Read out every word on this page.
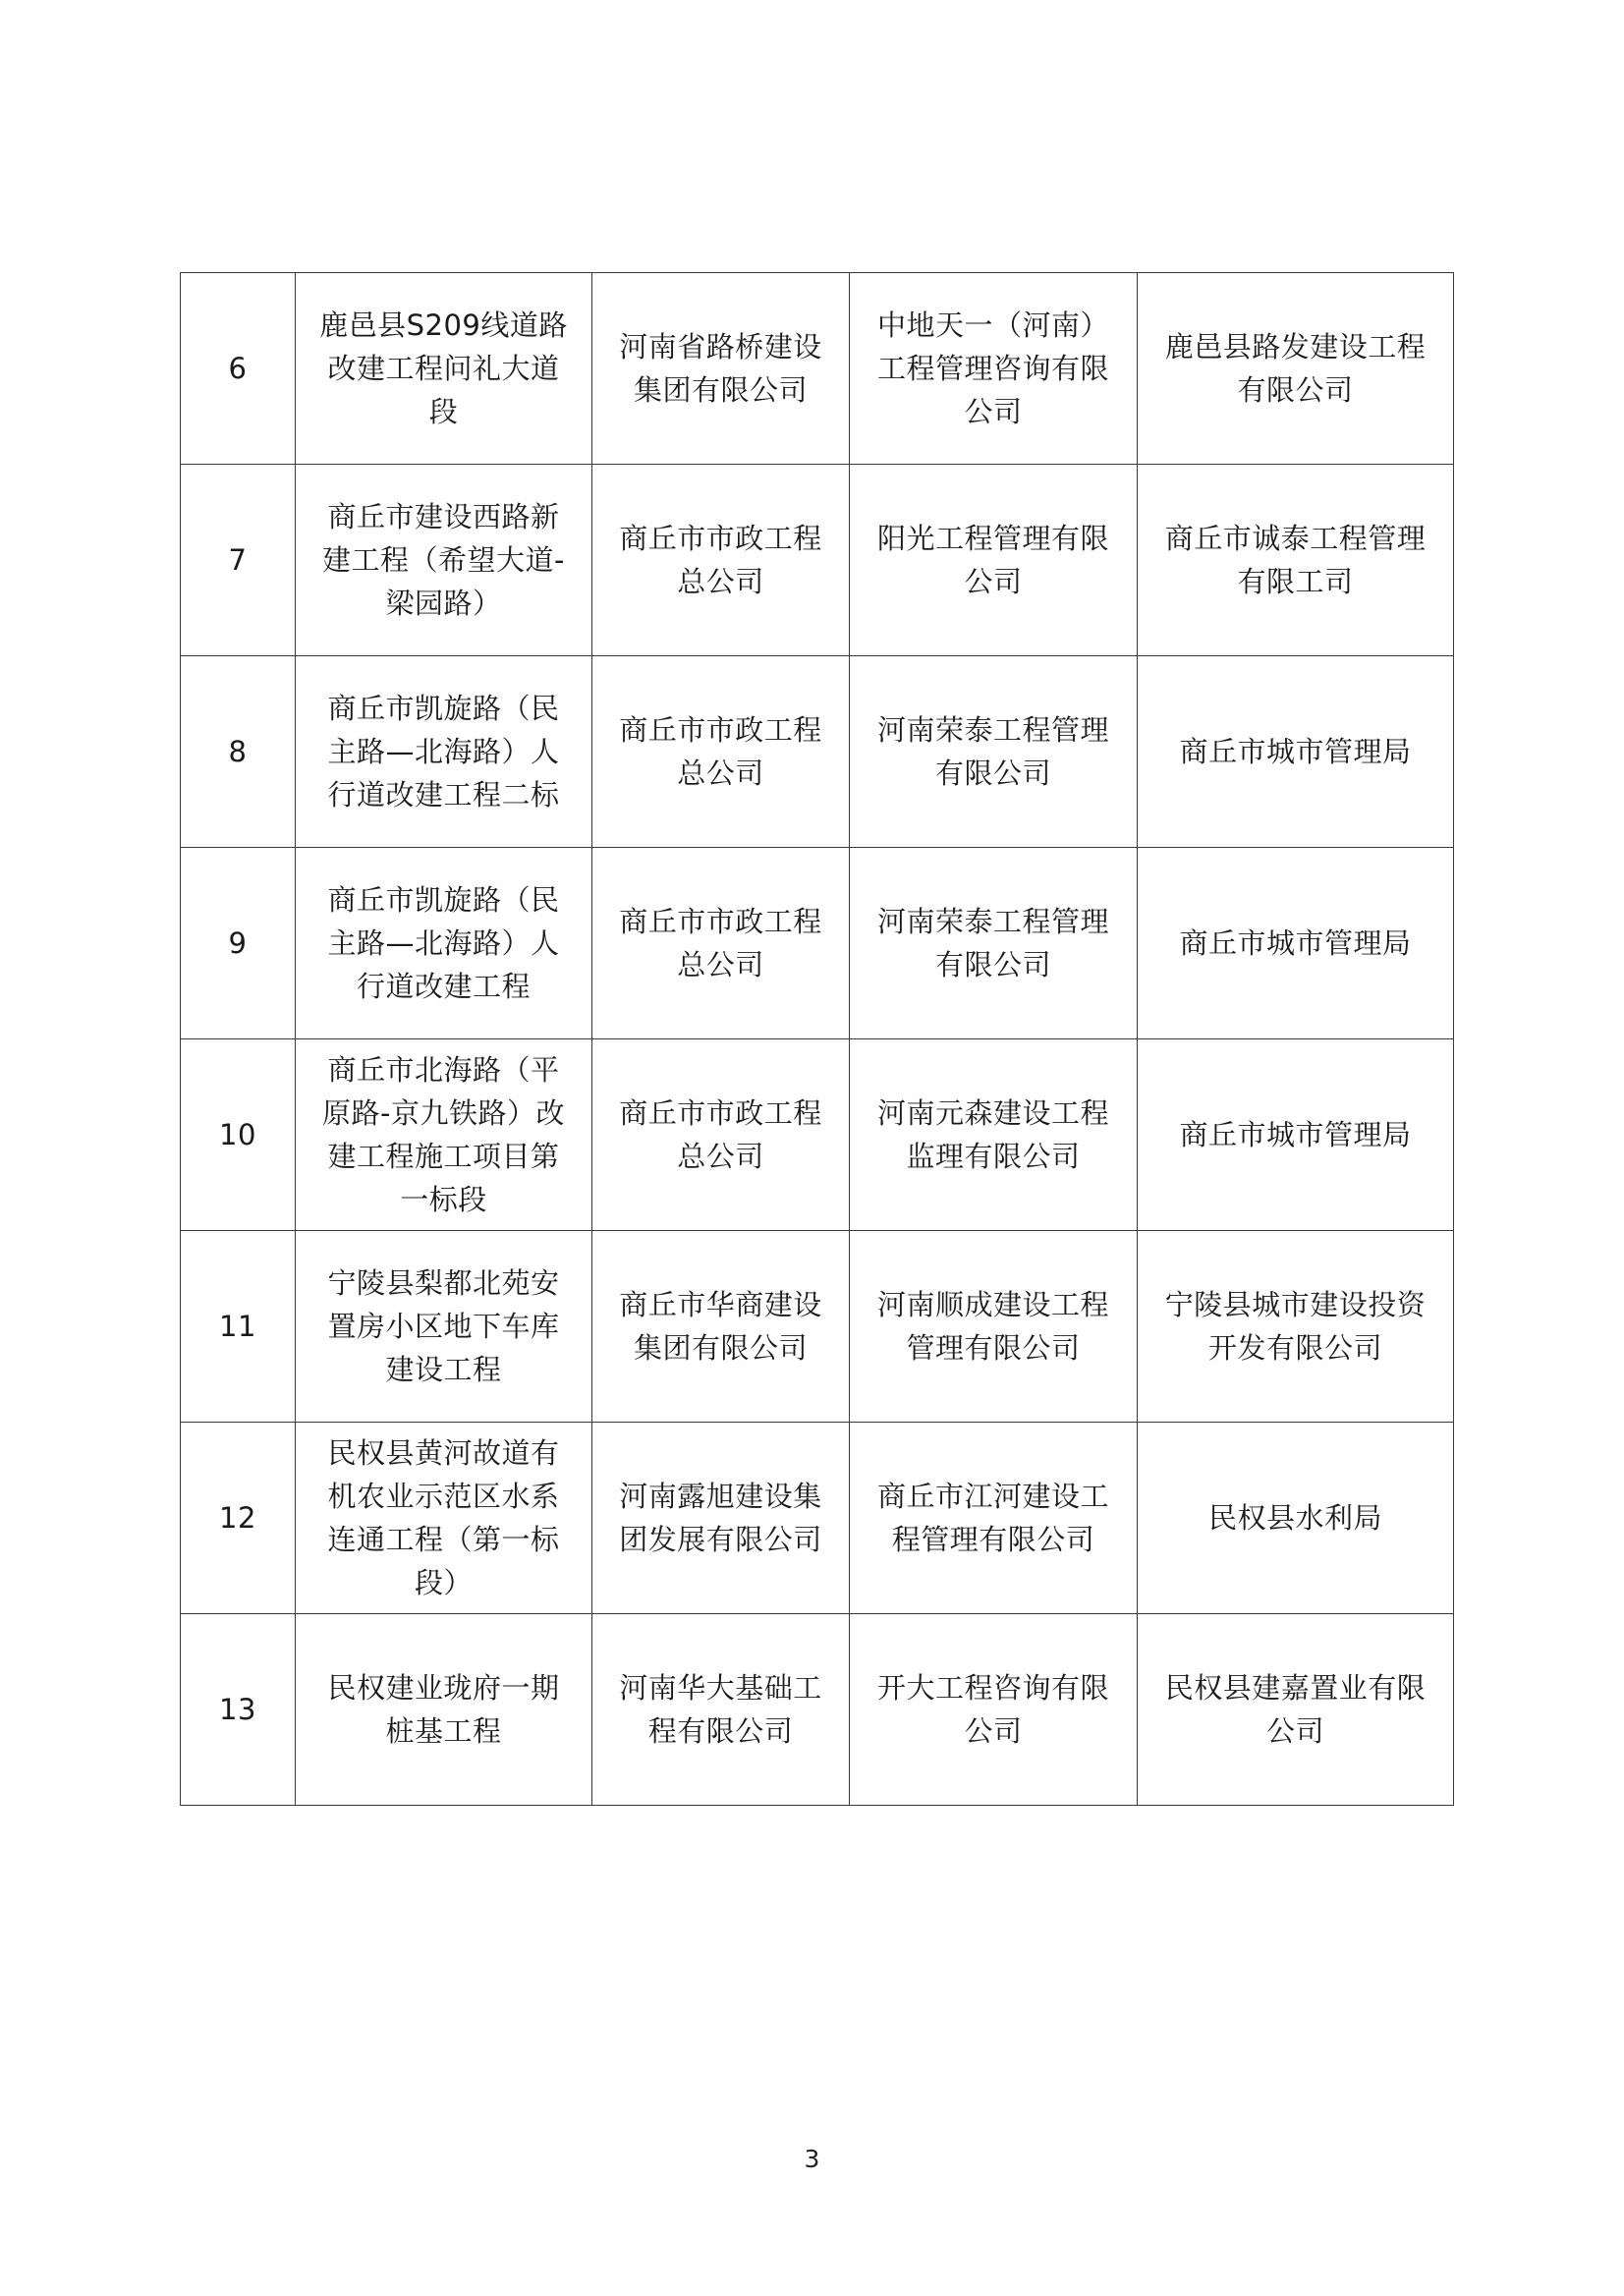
6	鹿邑县S209线道路改建工程问礼大道段	河南省路桥建设集团有限公司	中地天一（河南）工程管理咨询有限公司	鹿邑县路发建设工程有限公司
7	商丘市建设西路新建工程（希望大道-梁园路）	商丘市市政工程总公司	阳光工程管理有限公司	商丘市诚泰工程管理有限工司
8	商丘市凯旋路（民主路—北海路）人行道改建工程二标	商丘市市政工程总公司	河南荣泰工程管理有限公司	商丘市城市管理局
9	商丘市凯旋路（民主路—北海路）人行道改建工程	商丘市市政工程总公司	河南荣泰工程管理有限公司	商丘市城市管理局
10	商丘市北海路（平原路-京九铁路）改建工程施工项目第一标段	商丘市市政工程总公司	河南元森建设工程监理有限公司	商丘市城市管理局
11	宁陵县梨都北苑安置房小区地下车库建设工程	商丘市华商建设集团有限公司	河南顺成建设工程管理有限公司	宁陵县城市建设投资开发有限公司
12	民权县黄河故道有机农业示范区水系连通工程（第一标段）	河南露旭建设集团发展有限公司	商丘市江河建设工程管理有限公司	民权县水利局
13	民权建业珑府一期桩基工程	河南华大基础工程有限公司	开大工程咨询有限公司	民权县建嘉置业有限公司
3
